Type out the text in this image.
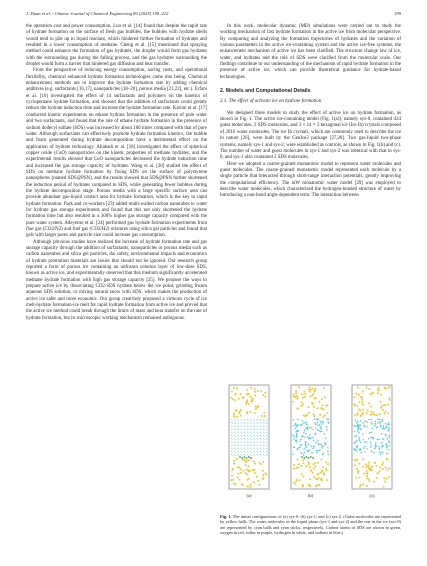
J. Duan et al. / Chinese Journal of Chemical Engineering 80 (2025) 199–212	199

the operation cost and power consumption. Luo et al. [14] found that despite the rapid rate of hydrate formation on the surface of fresh gas bubbles, the bubbles with hydrate shells would tend to pile up in liquid reactant, which hindered further formation of hydrates and resulted in a lower consumption of methane. Cheng et al. [15] mentioned that spraying method could enhance the formation of gas hydrates, the droplet would form gas hydrates with the surrounding gas during the falling process, and the gas hydrates surrounding the droplet would form a barrier that hindered gas diffusion and heat transfer.

From the perspective of reducing energy consumption, saving costs, and operational flexibility, chemical enhanced hydrate formation technologies came into being. Chemical enhancement methods are to improve the hydrate formation rate by adding chemical additives (e.g. surfactants [16,17], nanoparticles [18–20], porous media [21,22], etc.). Erfani et al. [16] investigated the effect of 14 surfactants and polymers on the kinetics of cyclopentane hydrate formation, and showed that the addition of surfactants could greatly reduce the hydrate induction time and increase the hydrate formation rate. Karimi et al. [17] conducted kinetic experiments on ethane hydrate formation in the presence of pure water and two surfactants, and found that the rate of ethane hydrate formation in the presence of sodium dodecyl sulfate (SDS) was increased by about 100 times compared with that of pure water. Although surfactants can effectively promote hydrate formation kinetics, the bubble and foam generated during hydrate decomposition have a detrimental effect on the application of hydrate technology. Aliabadi et al. [18] investigated the effect of spherical copper oxide (CuO) nanoparticles on the kinetic properties of methane hydrates, and the experimental results showed that CuO nanoparticles decreased the hydrate induction time and increased the gas storage capacity of hydrates. Wang et al. [20] studied the effect of SDS on methane hydrate formation by fixing SDS on the surface of polystyrene nanospheres (named SDS@PSN), and the results showed that SDS@PSN further shortened the induction period of hydrates compared to SDS, while generating fewer bubbles during the hydrate decomposition stage. Porous media with a large specific surface area can provide abundant gas-liquid contact area for hydrate formation, which is the key to rapid hydrate formation. Park and co-workers [23] added multi-walled carbon nanotubes to water for hydrate gas storage experiments and found that this not only shortened the hydrate formation time but also resulted in a 300% higher gas storage capacity compared with the pure water system. Adeyemo et al. [24] performed gas hydrate formation experiments from flue gas (CO2/N2) and fuel gas (CO2/H2) mixtures using silica gel particles and found that gels with larger pores and particle size could increase gas consumption.

Although previous studies have realized the increase of hydrate formation rate and gas storage capacity through the addition of surfactants, nanoparticles or porous media such as carbon nanotubes and silica gel particles, the safety, environmental impacts and economics of hydrate promotion materials are issues that should not be ignored. Our research group reported a form of porous ice containing an unfrozen solution layer of low-dose SDS, known as active ice, and experimentally observed that this medium significantly accelerated methane hydrate formation with high gas storage capacity [25]. We propose the ways to prepare active ice by dissociating CO2-SDS hydrate below the ice point, grinding frozen aqueous SDS solution, or mixing natural snow with SDS, which makes the production of active ice safer and more economic. Our group creatively proposed a virtuous cycle of ice melt-hydrate formation-ice melt for rapid hydrate formation from active ice and proved that the active ice method could break through the limits of mass and heat transfer on the rate of hydrate formation, but its microscopic working mechanism remained ambiguous.

In this work, molecular dynamic (MD) simulations were carried out to study the working mechanism of fast hydrate formation in the active ice from molecular perspective. By comparing and analyzing the formation trajectories of hydrates and the variation of various parameters in the active ice-containing system and the active ice-free systems, the enhancement mechanism of active ice has been clarified. The structure change law of ice, water, and hydrates and the role of SDS were clarified from the molecular scale. Our findings contribute to our understanding of the mechanism of rapid hydrate formation in the presence of active ice, which can provide theoretical guidance for hydrate-based technologies.

2. Models and Computational Details
2.1. The effect of activate ice on hydrate formation

We designed three models to study the effect of active ice on hydrate formation, as shown in Fig. 1. The active ice-containing model (Fig. 1(a)), namely sys-0, contained 424 guest molecules, 2 SDS molecules, and 3 × 14 × 3 hexagonal ice (Ice Ih) crystals composed of 2016 water molecules. The ice Ih crystals, which are commonly used to describe the ice in nature [26], were built by the GenIce2 package [27,28]. Two gas-liquid two-phase systems, namely sys-1 and sys-2, were established as controls, as shown in Fig. 1(b) and (c). The number of water and guest molecules in sys-1 and sys-2 was identical with that in sys-0, and sys-1 also contained 2 SDS molecules.

Here we adopted a coarse-grained monatomic model to represent water molecules and guest molecules. The coarse-grained monatomic model represented each molecule by a single particle that interacted through short-range interaction potentials, greatly improving the computational efficiency. The mW monatomic water model [29] was employed to describe water molecules, which characterized the hydrogen-bonded structure of water by introducing a non-bond angle dependent term. The interaction between

(a)	(b)	(c)
Fig. 1. The initial configurations of (a) sys-0; (b) sys-1; and (c) sys-2. (Guest molecules are represented by yellow balls. The water molecules in the liquid phase (sys-1 and sys-2) and the one in the ice (sys-0) are represented by cyan balls and cyan sticks, respectively. Carbon atoms of SDS are shown in green, oxygen in red, sulfur in purple, hydrogen in white, and sodium in blue.)
